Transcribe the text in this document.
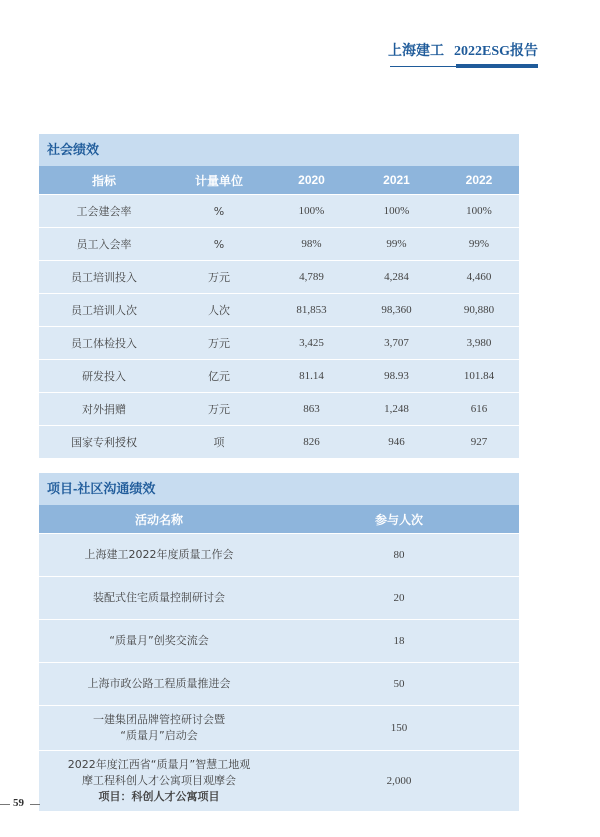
上海建工 2022ESG报告
社会绩效
指标	计量单位	2020	2021	2022
工会建会率	%	100%	100%	100%
员工入会率	%	98%	99%	99%
员工培训投入	万元	4,789	4,284	4,460
员工培训人次	人次	81,853	98,360	90,880
员工体检投入	万元	3,425	3,707	3,980
研发投入	亿元	81.14	98.93	101.84
对外捐赠	万元	863	1,248	616
国家专利授权	项	826	946	927
项目-社区沟通绩效
活动名称	参与人次

上海建工2022年度质量工作会	80

装配式住宅质量控制研讨会	20

“质量月”创奖交流会	18

上海市政公路工程质量推进会	50

一建集团品牌管控研讨会暨
“质量月”启动会	150

2022年度江西省“质量月”智慧工地观
摩工程科创人才公寓项目观摩会
项目：科创人才公寓项目	2,000
59
